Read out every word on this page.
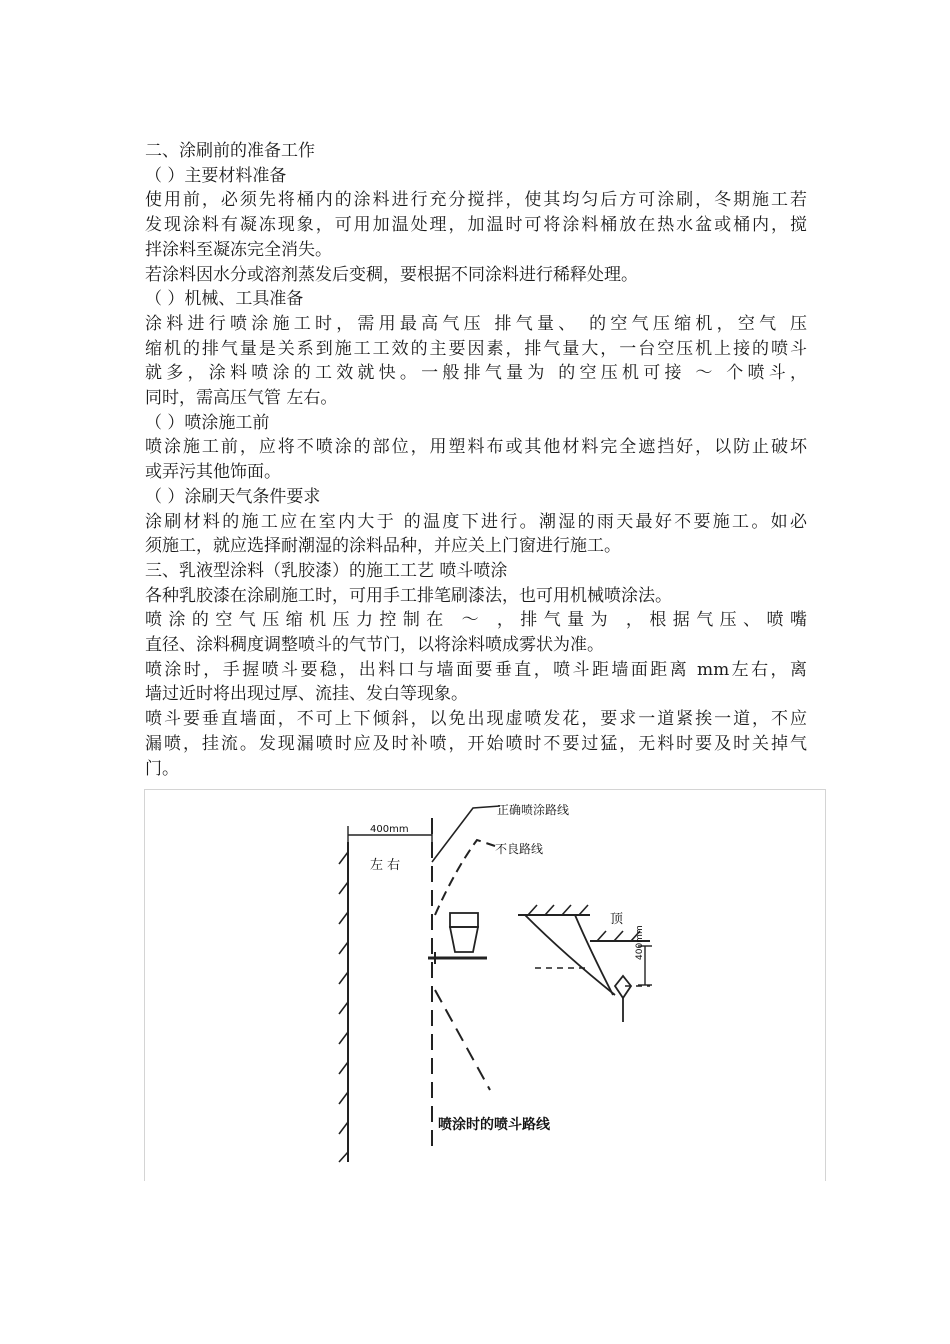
二、涂刷前的准备工作
（ ）主要材料准备
使用前，必须先将桶内的涂料进行充分搅拌，使其均匀后方可涂刷，冬期施工若
发现涂料有凝冻现象，可用加温处理，加温时可将涂料桶放在热水盆或桶内，搅
拌涂料至凝冻完全消失。
若涂料因水分或溶剂蒸发后变稠，要根据不同涂料进行稀释处理。
（ ）机械、工具准备
涂料进行喷涂施工时，需用最高气压 排气量、 的空气压缩机，空气 压
缩机的排气量是关系到施工工效的主要因素，排气量大，一台空压机上接的喷斗
就多，涂料喷涂的工效就快。一般排气量为 的空压机可接 ～ 个喷斗，
同时，需高压气管 左右。
（ ）喷涂施工前
喷涂施工前，应将不喷涂的部位，用塑料布或其他材料完全遮挡好，以防止破坏
或弄污其他饰面。
（ ）涂刷天气条件要求
涂刷材料的施工应在室内大于 的温度下进行。潮湿的雨天最好不要施工。如必
须施工，就应选择耐潮湿的涂料品种，并应关上门窗进行施工。
三、乳液型涂料（乳胶漆）的施工工艺 喷斗喷涂
各种乳胶漆在涂刷施工时，可用手工排笔刷漆法，也可用机械喷涂法。
喷涂的空气压缩机压力控制在 ～ ，排气量为 ，根据气压、喷嘴
直径、涂料稠度调整喷斗的气节门，以将涂料喷成雾状为准。
喷涂时，手握喷斗要稳，出料口与墙面要垂直，喷斗距墙面距离 mm左右，离
墙过近时将出现过厚、流挂、发白等现象。
喷斗要垂直墙面，不可上下倾斜，以免出现虚喷发花，要求一道紧挨一道，不应
漏喷，挂流。发现漏喷时应及时补喷，开始喷时不要过猛，无料时要及时关掉气
门。
400mm
左 右
正确喷涂路线
不良路线
顶
400mm
喷涂时的喷斗路线
